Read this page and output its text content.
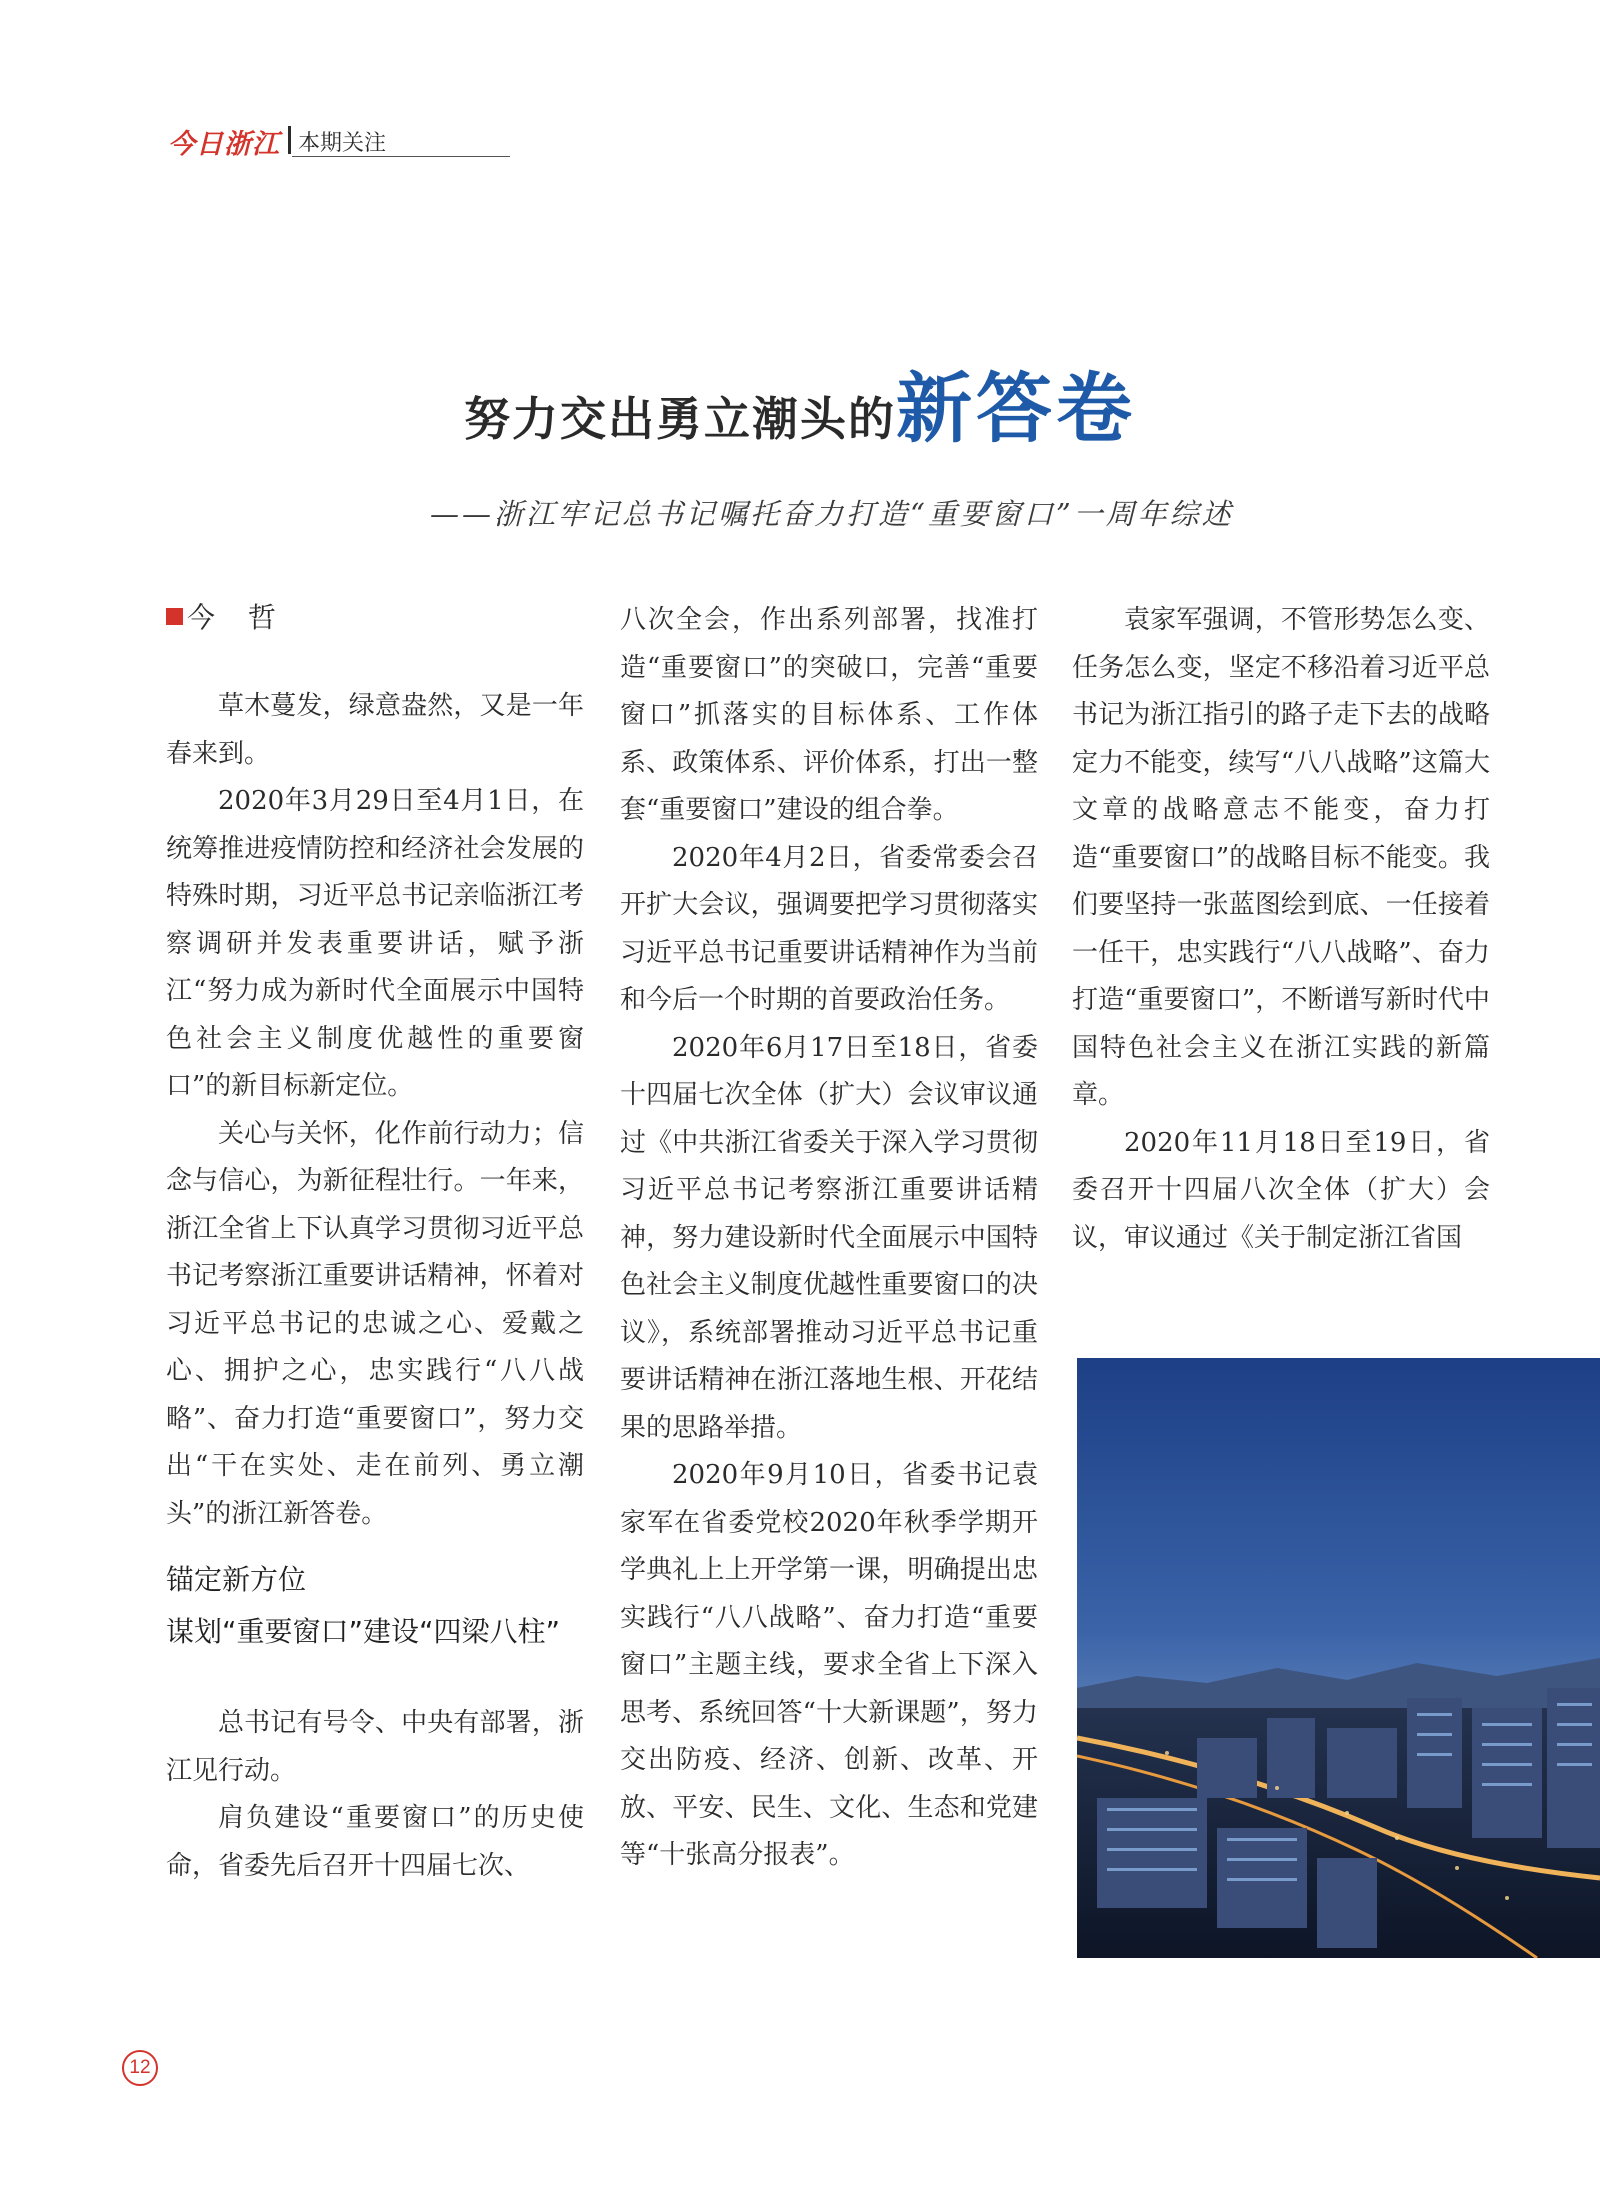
今日浙江 本期关注
努力交出勇立潮头的新答卷
——浙江牢记总书记嘱托奋力打造“重要窗口”一周年综述
今 哲

草木蔓发，绿意盎然，又是一年春来到。

2020年3月29日至4月1日，在统筹推进疫情防控和经济社会发展的特殊时期，习近平总书记亲临浙江考察调研并发表重要讲话，赋予浙江“努力成为新时代全面展示中国特色社会主义制度优越性的重要窗口”的新目标新定位。

关心与关怀，化作前行动力；信念与信心，为新征程壮行。一年来，浙江全省上下认真学习贯彻习近平总书记考察浙江重要讲话精神，怀着对习近平总书记的忠诚之心、爱戴之心、拥护之心，忠实践行“八八战略”、奋力打造“重要窗口”，努力交出“干在实处、走在前列、勇立潮头”的浙江新答卷。

锚定新方位
谋划“重要窗口”建设“四梁八柱”

总书记有号令、中央有部署，浙江见行动。

肩负建设“重要窗口”的历史使命，省委先后召开十四届七次、

八次全会，作出系列部署，找准打造“重要窗口”的突破口，完善“重要窗口”抓落实的目标体系、工作体系、政策体系、评价体系，打出一整套“重要窗口”建设的组合拳。

2020年4月2日，省委常委会召开扩大会议，强调要把学习贯彻落实习近平总书记重要讲话精神作为当前和今后一个时期的首要政治任务。

2020年6月17日至18日，省委十四届七次全体（扩大）会议审议通过《中共浙江省委关于深入学习贯彻习近平总书记考察浙江重要讲话精神，努力建设新时代全面展示中国特色社会主义制度优越性重要窗口的决议》，系统部署推动习近平总书记重要讲话精神在浙江落地生根、开花结果的思路举措。

2020年9月10日，省委书记袁家军在省委党校2020年秋季学期开学典礼上上开学第一课，明确提出忠实践行“八八战略”、奋力打造“重要窗口”主题主线，要求全省上下深入思考、系统回答“十大新课题”，努力交出防疫、经济、创新、改革、开放、平安、民生、文化、生态和党建等“十张高分报表”。

袁家军强调，不管形势怎么变、任务怎么变，坚定不移沿着习近平总书记为浙江指引的路子走下去的战略定力不能变，续写“八八战略”这篇大文章的战略意志不能变，奋力打造“重要窗口”的战略目标不能变。我们要坚持一张蓝图绘到底、一任接着一任干，忠实践行“八八战略”、奋力打造“重要窗口”，不断谱写新时代中国特色社会主义在浙江实践的新篇章。

2020年11月18日至19日，省委召开十四届八次全体（扩大）会议，审议通过《关于制定浙江省国

12
